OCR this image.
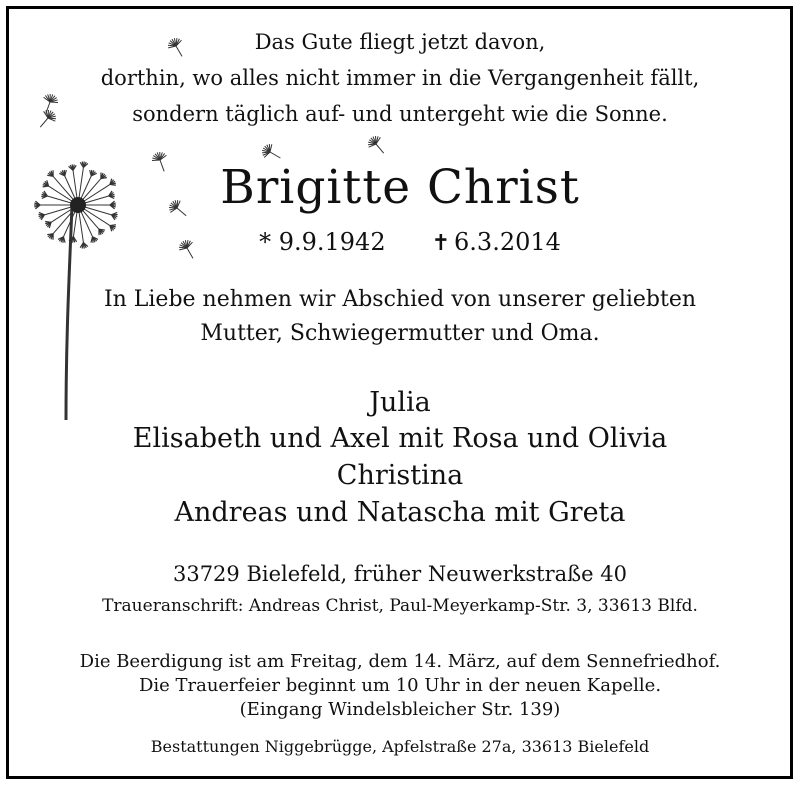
Das Gute fliegt jetzt davon,
dorthin, wo alles nicht immer in die Vergangenheit fällt,
sondern täglich auf- und untergeht wie die Sonne.
Brigitte Christ
* 9.9.1942 ✝ 6.3.2014
In Liebe nehmen wir Abschied von unserer geliebten
Mutter, Schwiegermutter und Oma.
Julia
Elisabeth und Axel mit Rosa und Olivia
Christina
Andreas und Natascha mit Greta
33729 Bielefeld, früher Neuwerkstraße 40
Traueranschrift: Andreas Christ, Paul-Meyerkamp-Str. 3, 33613 Blfd.
Die Beerdigung ist am Freitag, dem 14. März, auf dem Sennefriedhof.
Die Trauerfeier beginnt um 10 Uhr in der neuen Kapelle.
(Eingang Windelsbleicher Str. 139)
Bestattungen Niggebrügge, Apfelstraße 27a, 33613 Bielefeld
